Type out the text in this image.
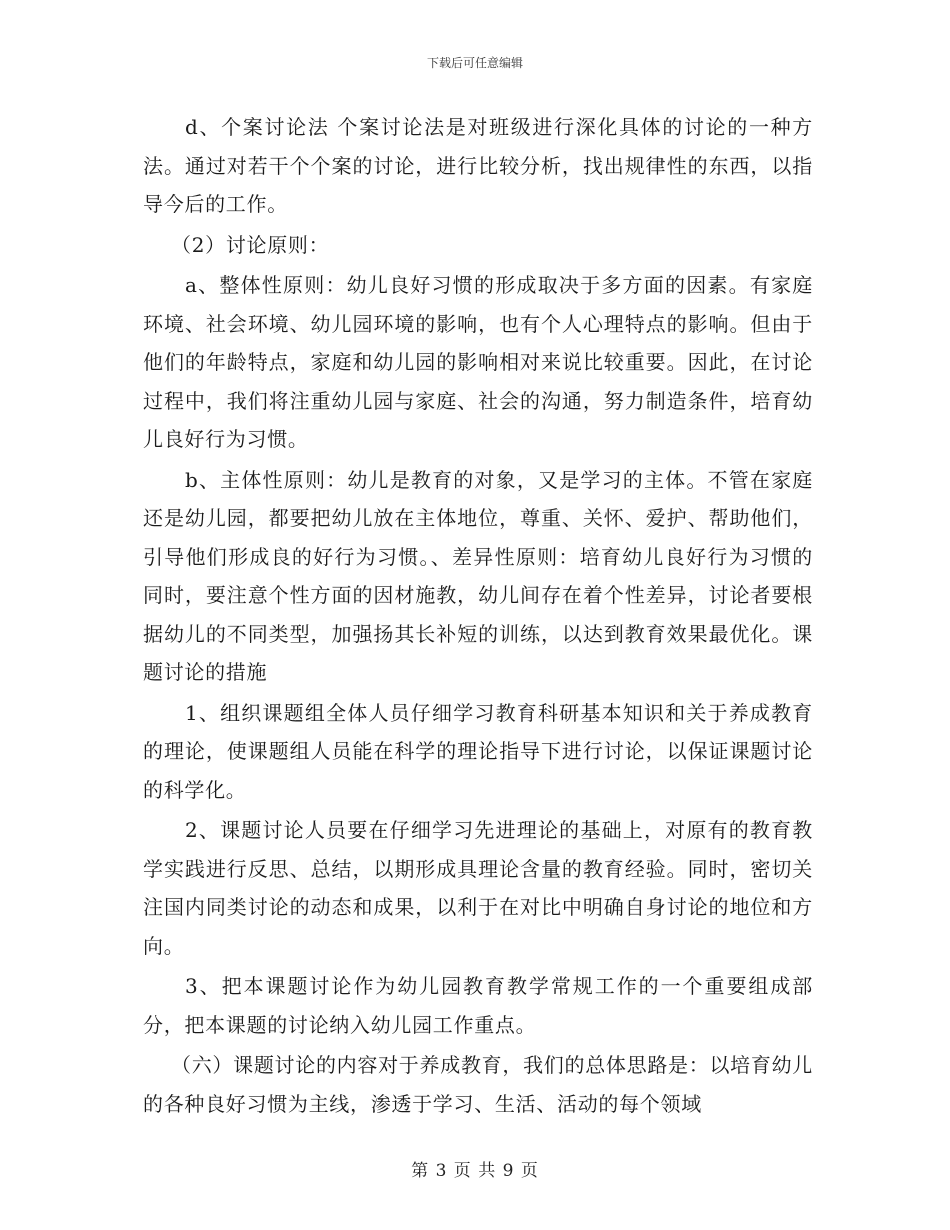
下载后可任意编辑

d、个案讨论法 个案讨论法是对班级进行深化具体的讨论的一种方法。通过对若干个个案的讨论，进行比较分析，找出规律性的东西，以指导今后的工作。

（2）讨论原则：

a、整体性原则：幼儿良好习惯的形成取决于多方面的因素。有家庭环境、社会环境、幼儿园环境的影响，也有个人心理特点的影响。但由于他们的年龄特点，家庭和幼儿园的影响相对来说比较重要。因此，在讨论过程中，我们将注重幼儿园与家庭、社会的沟通，努力制造条件，培育幼儿良好行为习惯。

b、主体性原则：幼儿是教育的对象，又是学习的主体。不管在家庭还是幼儿园，都要把幼儿放在主体地位，尊重、关怀、爱护、帮助他们，引导他们形成良的好行为习惯。、差异性原则：培育幼儿良好行为习惯的同时，要注意个性方面的因材施教，幼儿间存在着个性差异，讨论者要根据幼儿的不同类型，加强扬其长补短的训练，以达到教育效果最优化。课题讨论的措施

1、组织课题组全体人员仔细学习教育科研基本知识和关于养成教育的理论，使课题组人员能在科学的理论指导下进行讨论，以保证课题讨论的科学化。

2、课题讨论人员要在仔细学习先进理论的基础上，对原有的教育教学实践进行反思、总结，以期形成具理论含量的教育经验。同时，密切关注国内同类讨论的动态和成果，以利于在对比中明确自身讨论的地位和方向。

3、把本课题讨论作为幼儿园教育教学常规工作的一个重要组成部分，把本课题的讨论纳入幼儿园工作重点。

（六）课题讨论的内容对于养成教育，我们的总体思路是：以培育幼儿的各种良好习惯为主线，渗透于学习、生活、活动的每个领域

第 3 页 共 9 页
